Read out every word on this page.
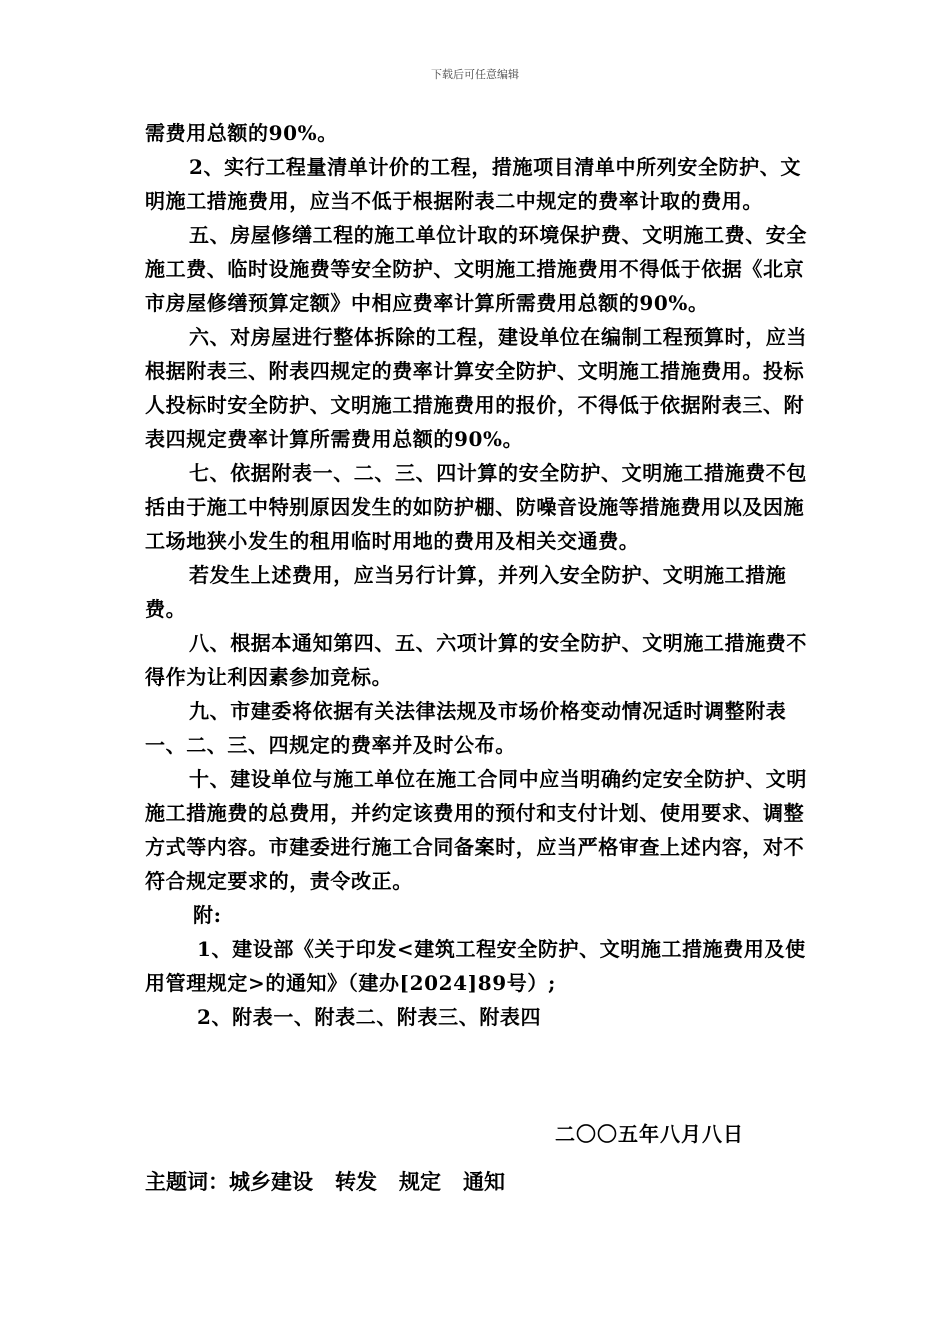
下载后可任意编辑

需费用总额的90%。

2、实行工程量清单计价的工程，措施项目清单中所列安全防护、文明施工措施费用，应当不低于根据附表二中规定的费率计取的费用。

五、房屋修缮工程的施工单位计取的环境保护费、文明施工费、安全施工费、临时设施费等安全防护、文明施工措施费用不得低于依据《北京市房屋修缮预算定额》中相应费率计算所需费用总额的90%。

六、对房屋进行整体拆除的工程，建设单位在编制工程预算时，应当根据附表三、附表四规定的费率计算安全防护、文明施工措施费用。投标人投标时安全防护、文明施工措施费用的报价，不得低于依据附表三、附表四规定费率计算所需费用总额的90%。

七、依据附表一、二、三、四计算的安全防护、文明施工措施费不包括由于施工中特别原因发生的如防护棚、防噪音设施等措施费用以及因施工场地狭小发生的租用临时用地的费用及相关交通费。

若发生上述费用，应当另行计算，并列入安全防护、文明施工措施费。

八、根据本通知第四、五、六项计算的安全防护、文明施工措施费不得作为让利因素参加竞标。

九、市建委将依据有关法律法规及市场价格变动情况适时调整附表一、二、三、四规定的费率并及时公布。

十、建设单位与施工单位在施工合同中应当明确约定安全防护、文明施工措施费的总费用，并约定该费用的预付和支付计划、使用要求、调整方式等内容。市建委进行施工合同备案时，应当严格审查上述内容，对不符合规定要求的，责令改正。

附:

1、建设部《关于印发<建筑工程安全防护、文明施工措施费用及使用管理规定>的通知》（建办[2024]89号）;

2、附表一、附表二、附表三、附表四

二〇〇五年八月八日
主题词：城乡建设 转发 规定 通知
